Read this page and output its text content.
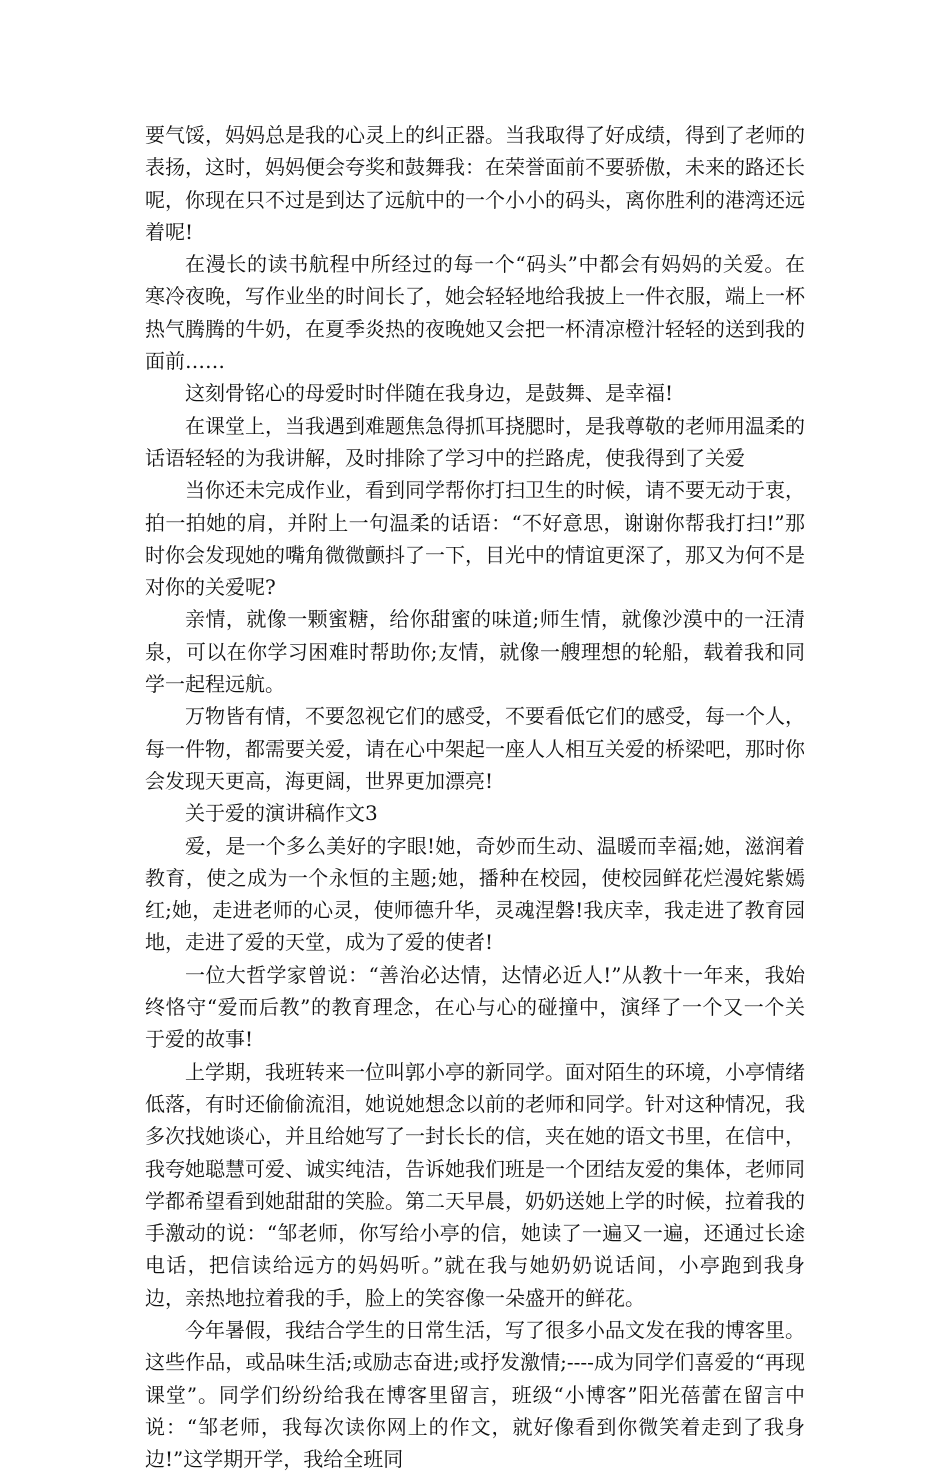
要气馁，妈妈总是我的心灵上的纠正器。当我取得了好成绩，得到了老师的表扬，这时，妈妈便会夸奖和鼓舞我：在荣誉面前不要骄傲，未来的路还长呢，你现在只不过是到达了远航中的一个小小的码头，离你胜利的港湾还远着呢!

在漫长的读书航程中所经过的每一个“码头”中都会有妈妈的关爱。在寒冷夜晚，写作业坐的时间长了，她会轻轻地给我披上一件衣服，端上一杯热气腾腾的牛奶，在夏季炎热的夜晚她又会把一杯清凉橙汁轻轻的送到我的面前……

这刻骨铭心的母爱时时伴随在我身边，是鼓舞、是幸福!

在课堂上，当我遇到难题焦急得抓耳挠腮时，是我尊敬的老师用温柔的话语轻轻的为我讲解，及时排除了学习中的拦路虎，使我得到了关爱

当你还未完成作业，看到同学帮你打扫卫生的时候，请不要无动于衷，拍一拍她的肩，并附上一句温柔的话语：“不好意思，谢谢你帮我打扫!”那时你会发现她的嘴角微微颤抖了一下，目光中的情谊更深了，那又为何不是对你的关爱呢?

亲情，就像一颗蜜糖，给你甜蜜的味道;师生情，就像沙漠中的一汪清泉，可以在你学习困难时帮助你;友情，就像一艘理想的轮船，载着我和同学一起程远航。

万物皆有情，不要忽视它们的感受，不要看低它们的感受，每一个人，每一件物，都需要关爱，请在心中架起一座人人相互关爱的桥梁吧，那时你会发现天更高，海更阔，世界更加漂亮!

关于爱的演讲稿作文3

爱，是一个多么美好的字眼!她，奇妙而生动、温暖而幸福;她，滋润着教育，使之成为一个永恒的主题;她，播种在校园，使校园鲜花烂漫姹紫嫣红;她，走进老师的心灵，使师德升华，灵魂涅磐!我庆幸，我走进了教育园地，走进了爱的天堂，成为了爱的使者!

一位大哲学家曾说：“善治必达情，达情必近人!”从教十一年来，我始终恪守“爱而后教”的教育理念，在心与心的碰撞中，演绎了一个又一个关于爱的故事!

上学期，我班转来一位叫郭小亭的新同学。面对陌生的环境，小亭情绪低落，有时还偷偷流泪，她说她想念以前的老师和同学。针对这种情况，我多次找她谈心，并且给她写了一封长长的信，夹在她的语文书里，在信中，我夸她聪慧可爱、诚实纯洁，告诉她我们班是一个团结友爱的集体，老师同学都希望看到她甜甜的笑脸。第二天早晨，奶奶送她上学的时候，拉着我的手激动的说：“邹老师，你写给小亭的信，她读了一遍又一遍，还通过长途电话，把信读给远方的妈妈听。”就在我与她奶奶说话间，小亭跑到我身边，亲热地拉着我的手，脸上的笑容像一朵盛开的鲜花。

今年暑假，我结合学生的日常生活，写了很多小品文发在我的博客里。这些作品，或品味生活;或励志奋进;或抒发激情;----成为同学们喜爱的“再现课堂”。同学们纷纷给我在博客里留言，班级“小博客”阳光蓓蕾在留言中说：“邹老师，我每次读你网上的作文，就好像看到你微笑着走到了我身边!”这学期开学，我给全班同
